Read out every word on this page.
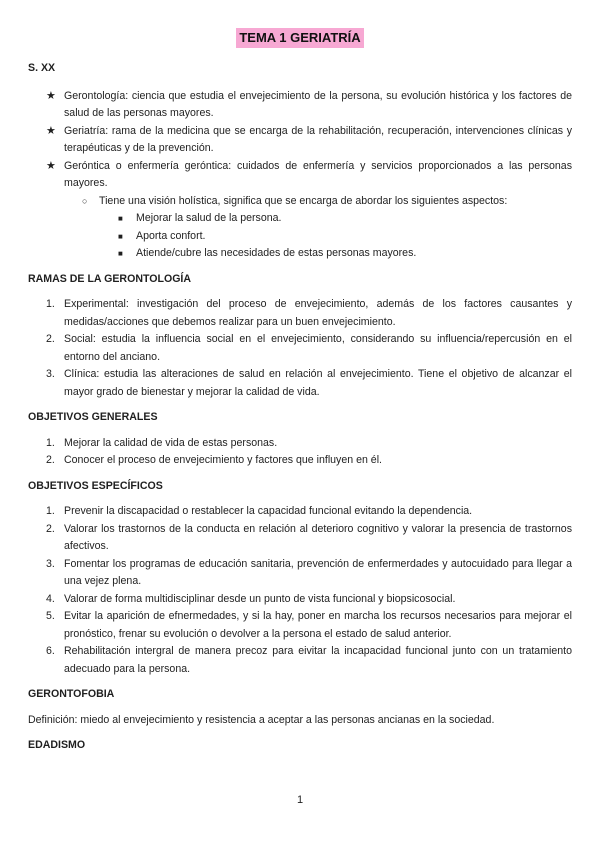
TEMA 1 GERIATRÍA

S. XX

★ Gerontología: ciencia que estudia el envejecimiento de la persona, su evolución histórica y los factores de salud de las personas mayores.
★ Geriatría: rama de la medicina que se encarga de la rehabilitación, recuperación, intervenciones clínicas y terapéuticas y de la prevención.
★ Gerónticа o enfermería geróntica: cuidados de enfermería y servicios proporcionados a las personas mayores.
○ Tiene una visión holística, significa que se encarga de abordar los siguientes aspectos:
■ Mejorar la salud de la persona.
■ Aporta confort.
■ Atiende/cubre las necesidades de estas personas mayores.

RAMAS DE LA GERONTOLOGÍA

1. Experimental: investigación del proceso de envejecimiento, además de los factores causantes y medidas/acciones que debemos realizar para un buen envejecimiento.
2. Social: estudia la influencia social en el envejecimiento, considerando su influencia/repercusión en el entorno del anciano.
3. Clínica: estudia las alteraciones de salud en relación al envejecimiento. Tiene el objetivo de alcanzar el mayor grado de bienestar y mejorar la calidad de vida.

OBJETIVOS GENERALES

1. Mejorar la calidad de vida de estas personas.
2. Conocer el proceso de envejecimiento y factores que influyen en él.

OBJETIVOS ESPECÍFICOS

1. Prevenir la discapacidad o restablecer la capacidad funcional evitando la dependencia.
2. Valorar los trastornos de la conducta en relación al deterioro cognitivo y valorar la presencia de trastornos afectivos.
3. Fomentar los programas de educación sanitaria, prevención de enfermerdades y autocuidado para llegar a una vejez plena.
4. Valorar de forma multidisciplinar desde un punto de vista funcional y biopsicosocial.
5. Evitar la aparición de efnermedades, y si la hay, poner en marcha los recursos necesarios para mejorar el pronóstico, frenar su evolución o devolver a la persona el estado de salud anterior.
6. Rehabilitación intergral de manera precoz para eivitar la incapacidad funcional junto con un tratamiento adecuado para la persona.

GERONTOFOBIA

Definición: miedo al envejecimiento y resistencia a aceptar a las personas ancianas en la sociedad.

EDADISMO

1
